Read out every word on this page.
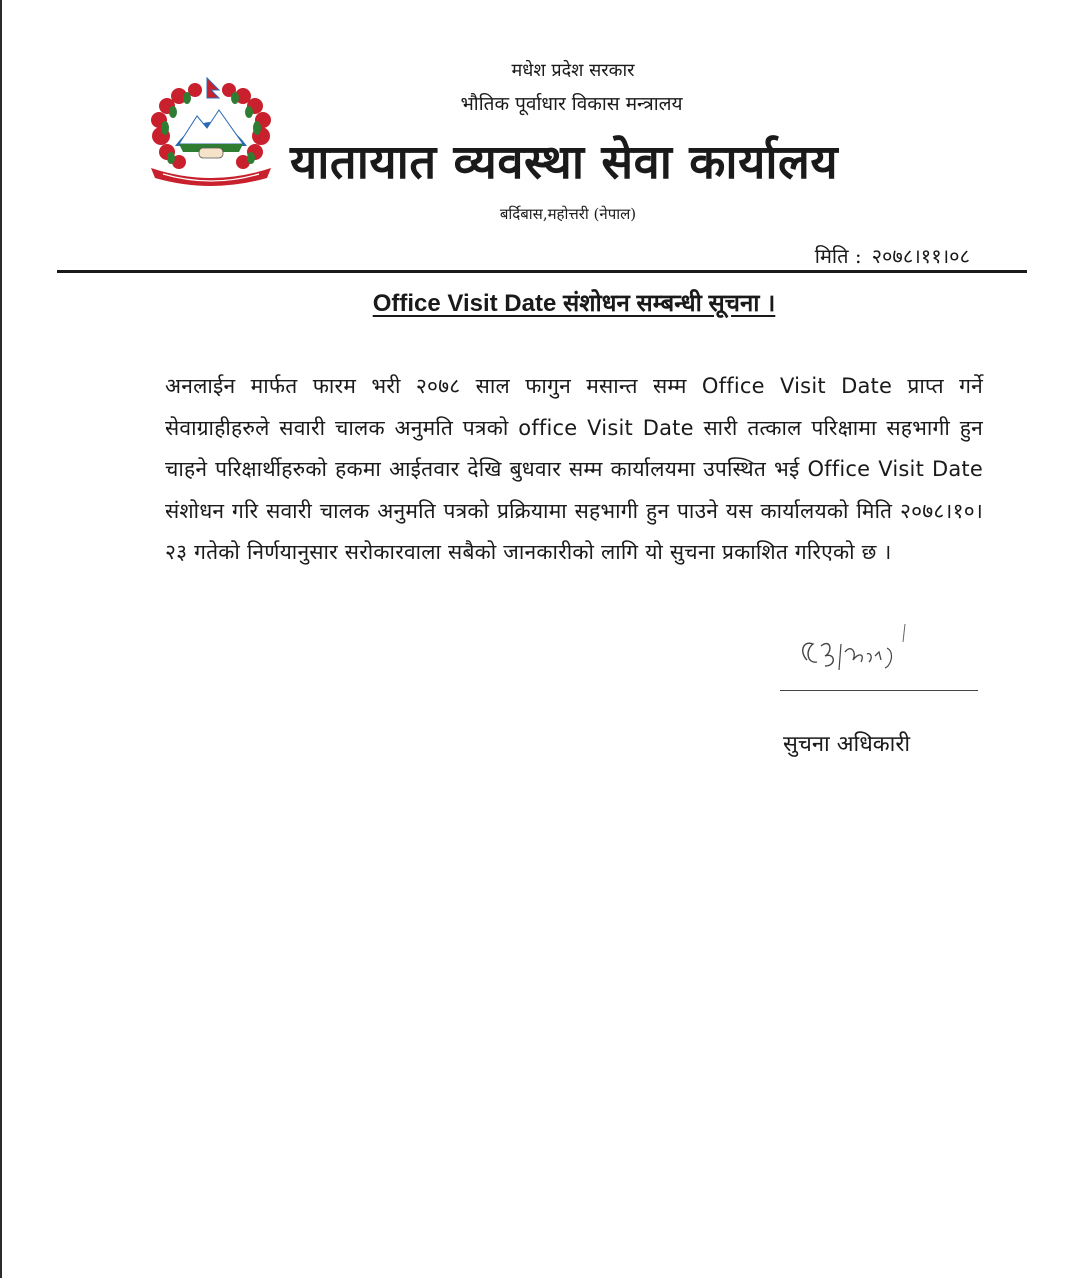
मधेश प्रदेश सरकार
भौतिक पूर्वाधार विकास मन्त्रालय
यातायात व्यवस्था सेवा कार्यालय
बर्दिबास,महोत्तरी (नेपाल)
मिति : २०७८।११।०८
Office Visit Date संशोधन सम्बन्धी सूचना ।
अनलाईन मार्फत फारम भरी २०७८ साल फागुन मसान्त सम्म Office Visit Date प्राप्त गर्ने सेवाग्राहीहरुले सवारी चालक अनुमति पत्रको office Visit Date सारी तत्काल परिक्षामा सहभागी हुन चाहने परिक्षार्थीहरुको हकमा आईतवार देखि बुधवार सम्म कार्यालयमा उपस्थित भई Office Visit Date संशोधन गरि सवारी चालक अनुमति पत्रको प्रक्रियामा सहभागी हुन पाउने यस कार्यालयको मिति २०७८।१०।२३ गतेको निर्णयानुसार सरोकारवाला सबैको जानकारीको लागि यो सुचना प्रकाशित गरिएको छ ।
सुचना अधिकारी
